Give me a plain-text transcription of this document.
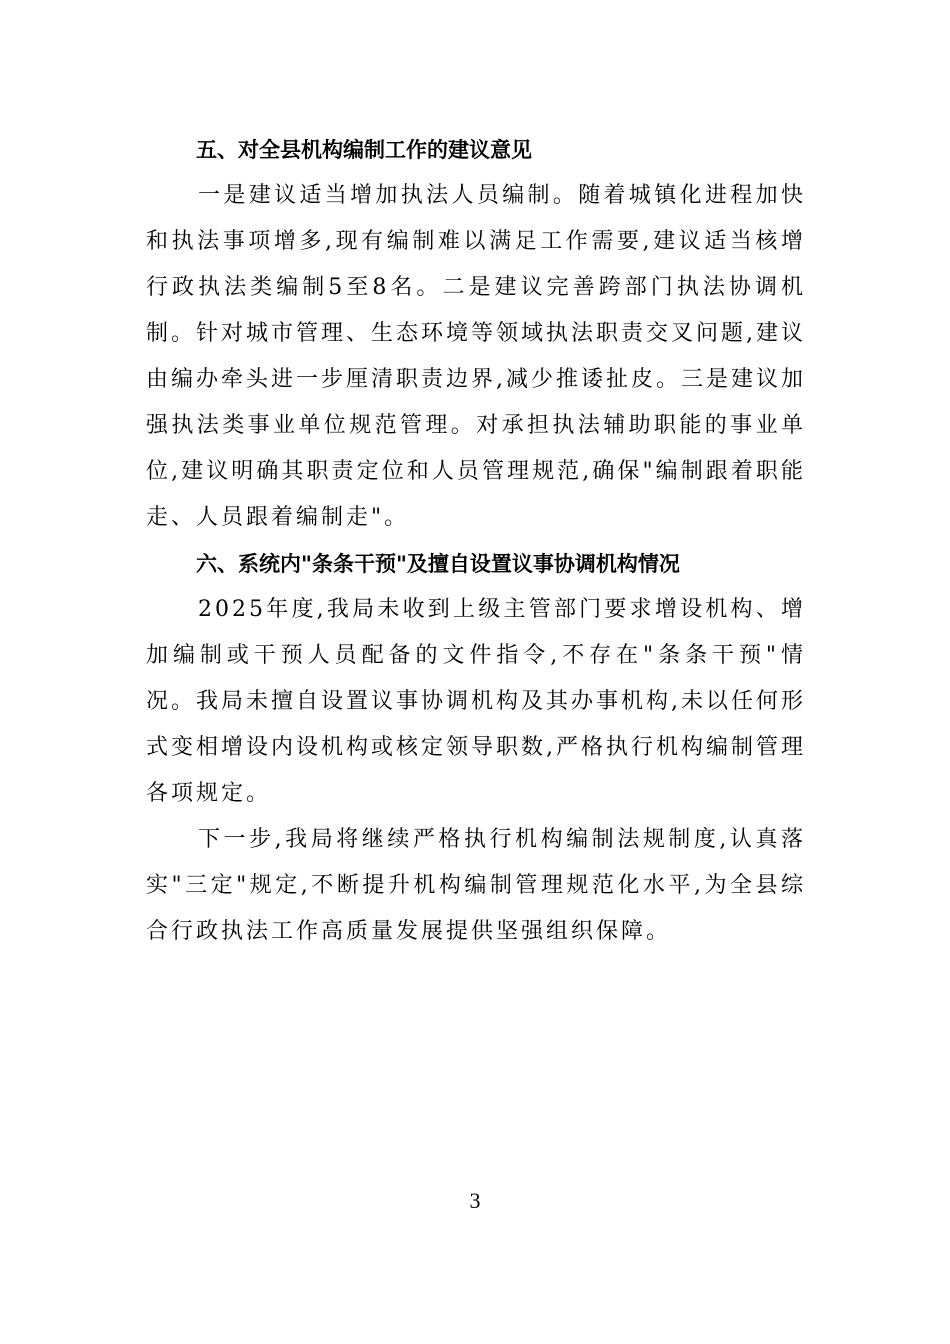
五、对全县机构编制工作的建议意见

一是建议适当增加执法人员编制。随着城镇化进程加快和执法事项增多,现有编制难以满足工作需要,建议适当核增行政执法类编制5至8名。二是建议完善跨部门执法协调机制。针对城市管理、生态环境等领域执法职责交叉问题,建议由编办牵头进一步厘清职责边界,减少推诿扯皮。三是建议加强执法类事业单位规范管理。对承担执法辅助职能的事业单位,建议明确其职责定位和人员管理规范,确保"编制跟着职能走、人员跟着编制走"。

六、系统内"条条干预"及擅自设置议事协调机构情况

2025年度,我局未收到上级主管部门要求增设机构、增加编制或干预人员配备的文件指令,不存在"条条干预"情况。我局未擅自设置议事协调机构及其办事机构,未以任何形式变相增设内设机构或核定领导职数,严格执行机构编制管理各项规定。

下一步,我局将继续严格执行机构编制法规制度,认真落实"三定"规定,不断提升机构编制管理规范化水平,为全县综合行政执法工作高质量发展提供坚强组织保障。

3
